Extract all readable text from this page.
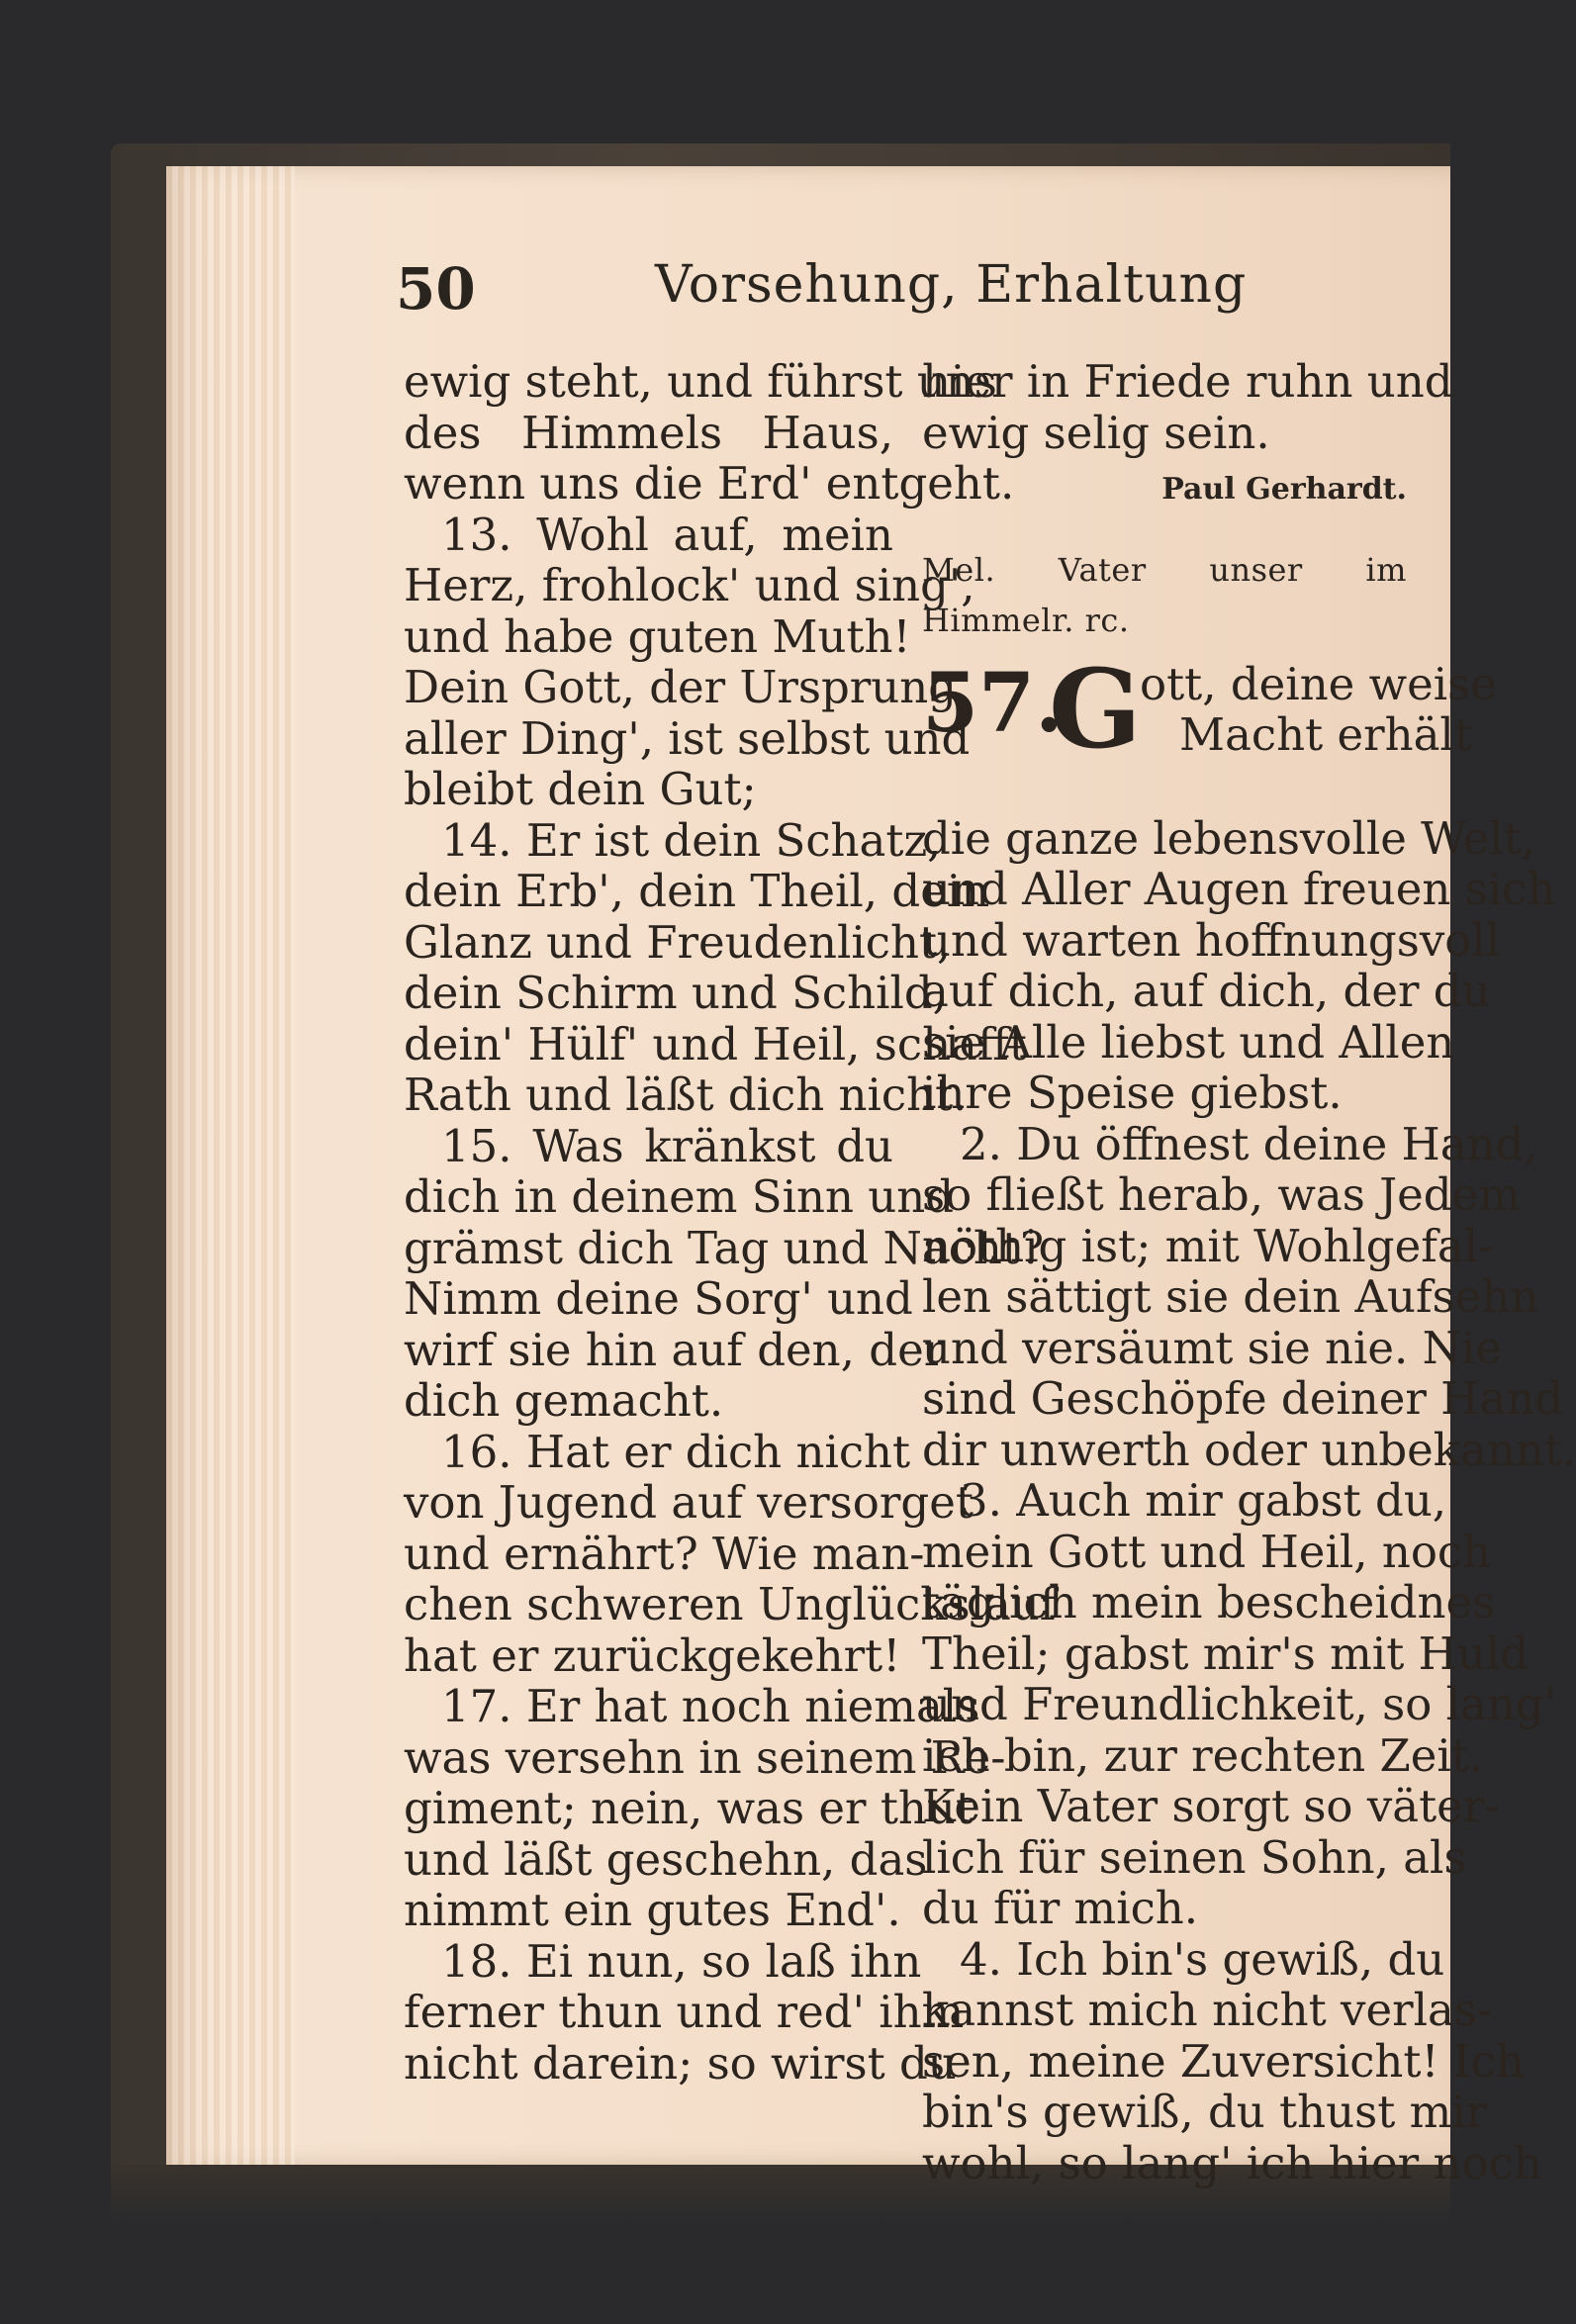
50	Vorsehung, Erhaltung
ewig steht, und führst uns
des Himmels Haus,
wenn uns die Erd' entgeht.
13. Wohl auf, mein
Herz, frohlock' und sing',
und habe guten Muth!
Dein Gott, der Ursprung
aller Ding', ist selbst und
bleibt dein Gut;
14. Er ist dein Schatz,
dein Erb', dein Theil, dein
Glanz und Freudenlicht,
dein Schirm und Schild,
dein' Hülf' und Heil, schafft
Rath und läßt dich nicht.
15. Was kränkst du
dich in deinem Sinn und
grämst dich Tag und Nacht?
Nimm deine Sorg' und
wirf sie hin auf den, der
dich gemacht.
16. Hat er dich nicht
von Jugend auf versorget
und ernährt? Wie man-
chen schweren Unglückslauf
hat er zurückgekehrt!
17. Er hat noch niemals
was versehn in seinem Re-
giment; nein, was er thut
und läßt geschehn, das
nimmt ein gutes End'.
18. Ei nun, so laß ihn
ferner thun und red' ihm
nicht darein; so wirst du
hier in Friede ruhn und
ewig selig sein.
Paul Gerhardt.
Mel. Vater unser im Himmelr. rc.
57.
G
ott, deine weise
Macht erhält
die ganze lebensvolle Welt,
und Aller Augen freuen sich
und warten hoffnungsvoll
auf dich, auf dich, der du
sie Alle liebst und Allen
ihre Speise giebst.
2. Du öffnest deine Hand,
so fließt herab, was Jedem
nöthig ist; mit Wohlgefal-
len sättigt sie dein Aufsehn
und versäumt sie nie. Nie
sind Geschöpfe deiner Hand
dir unwerth oder unbekannt.
3. Auch mir gabst du,
mein Gott und Heil, noch
täglich mein bescheidnes
Theil; gabst mir's mit Huld
und Freundlichkeit, so lang'
ich bin, zur rechten Zeit.
Kein Vater sorgt so väter-
lich für seinen Sohn, als
du für mich.
4. Ich bin's gewiß, du
kannst mich nicht verlas-
sen, meine Zuversicht! Ich
bin's gewiß, du thust mir
wohl, so lang' ich hier noch
